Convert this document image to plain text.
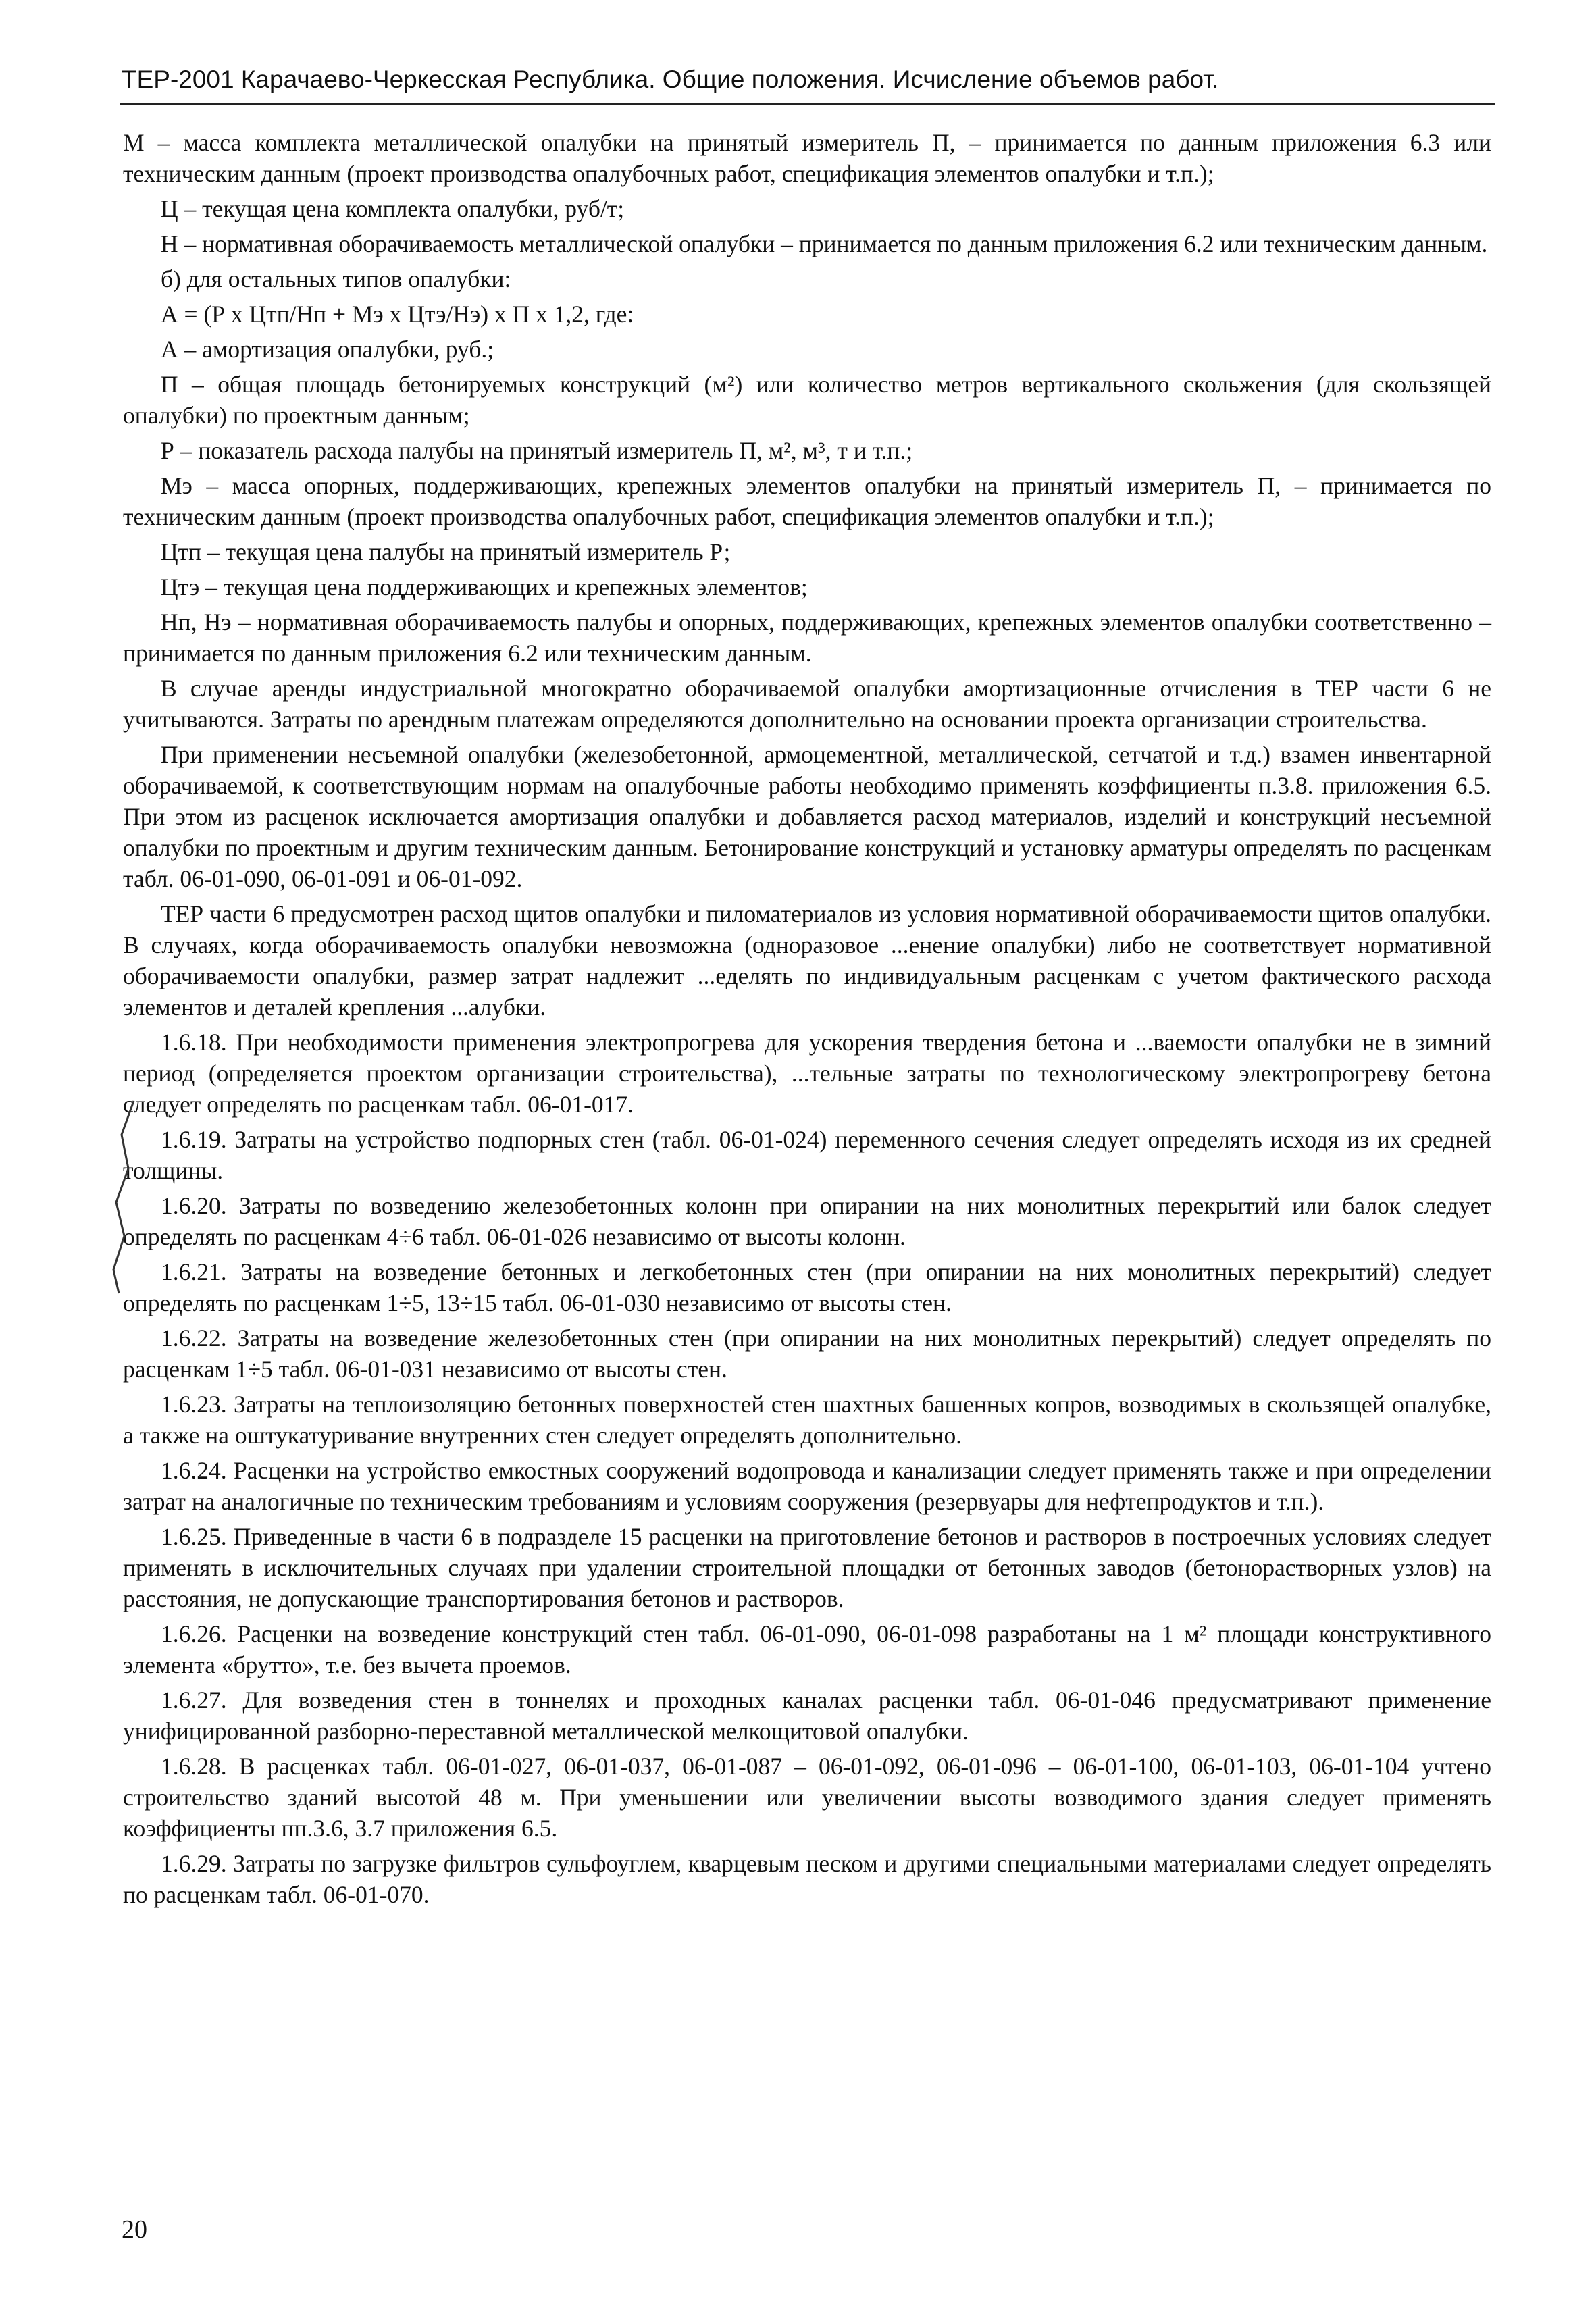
ТЕР-2001 Карачаево-Черкесская Республика. Общие положения. Исчисление объемов работ.

М – масса комплекта металлической опалубки на принятый измеритель П, – принимается по данным приложения 6.3 или техническим данным (проект производства опалубочных работ, спецификация элементов опалубки и т.п.);

Ц – текущая цена комплекта опалубки, руб/т;

Н – нормативная оборачиваемость металлической опалубки – принимается по данным приложения 6.2 или техническим данным.

б) для остальных типов опалубки:

А = (Р х Цтп/Нп + Мэ х Цтэ/Нэ) х П х 1,2, где:

А – амортизация опалубки, руб.;

П – общая площадь бетонируемых конструкций (м²) или количество метров вертикального скольжения (для скользящей опалубки) по проектным данным;

Р – показатель расхода палубы на принятый измеритель П, м², м³, т и т.п.;

Мэ – масса опорных, поддерживающих, крепежных элементов опалубки на принятый измеритель П, – принимается по техническим данным (проект производства опалубочных работ, спецификация элементов опалубки и т.п.);

Цтп – текущая цена палубы на принятый измеритель Р;

Цтэ – текущая цена поддерживающих и крепежных элементов;

Нп, Нэ – нормативная оборачиваемость палубы и опорных, поддерживающих, крепежных элементов опалубки соответственно – принимается по данным приложения 6.2 или техническим данным.

В случае аренды индустриальной многократно оборачиваемой опалубки амортизационные отчисления в ТЕР части 6 не учитываются. Затраты по арендным платежам определяются дополнительно на основании проекта организации строительства.

При применении несъемной опалубки (железобетонной, армоцементной, металлической, сетчатой и т.д.) взамен инвентарной оборачиваемой, к соответствующим нормам на опалубочные работы необходимо применять коэффициенты п.3.8. приложения 6.5. При этом из расценок исключается амортизация опалубки и добавляется расход материалов, изделий и конструкций несъемной опалубки по проектным и другим техническим данным. Бетонирование конструкций и установку арматуры определять по расценкам табл. 06-01-090, 06-01-091 и 06-01-092.

ТЕР части 6 предусмотрен расход щитов опалубки и пиломатериалов из условия нормативной оборачиваемости щитов опалубки. В случаях, когда оборачиваемость опалубки невозможна (одноразовое ...енение опалубки) либо не соответствует нормативной оборачиваемости опалубки, размер затрат надлежит ...еделять по индивидуальным расценкам с учетом фактического расхода элементов и деталей крепления ...алубки.

1.6.18. При необходимости применения электропрогрева для ускорения твердения бетона и ...ваемости опалубки не в зимний период (определяется проектом организации строительства), ...тельные затраты по технологическому электропрогреву бетона следует определять по расценкам табл. 06-01-017.

1.6.19. Затраты на устройство подпорных стен (табл. 06-01-024) переменного сечения следует определять исходя из их средней толщины.

1.6.20. Затраты по возведению железобетонных колонн при опирании на них монолитных перекрытий или балок следует определять по расценкам 4÷6 табл. 06-01-026 независимо от высоты колонн.

1.6.21. Затраты на возведение бетонных и легкобетонных стен (при опирании на них монолитных перекрытий) следует определять по расценкам 1÷5, 13÷15 табл. 06-01-030 независимо от высоты стен.

1.6.22. Затраты на возведение железобетонных стен (при опирании на них монолитных перекрытий) следует определять по расценкам 1÷5 табл. 06-01-031 независимо от высоты стен.

1.6.23. Затраты на теплоизоляцию бетонных поверхностей стен шахтных башенных копров, возводимых в скользящей опалубке, а также на оштукатуривание внутренних стен следует определять дополнительно.

1.6.24. Расценки на устройство емкостных сооружений водопровода и канализации следует применять также и при определении затрат на аналогичные по техническим требованиям и условиям сооружения (резервуары для нефтепродуктов и т.п.).

1.6.25. Приведенные в части 6 в подразделе 15 расценки на приготовление бетонов и растворов в построечных условиях следует применять в исключительных случаях при удалении строительной площадки от бетонных заводов (бетонорастворных узлов) на расстояния, не допускающие транспортирования бетонов и растворов.

1.6.26. Расценки на возведение конструкций стен табл. 06-01-090, 06-01-098 разработаны на 1 м² площади конструктивного элемента «брутто», т.е. без вычета проемов.

1.6.27. Для возведения стен в тоннелях и проходных каналах расценки табл. 06-01-046 предусматривают применение унифицированной разборно-переставной металлической мелкощитовой опалубки.

1.6.28. В расценках табл. 06-01-027, 06-01-037, 06-01-087 – 06-01-092, 06-01-096 – 06-01-100, 06-01-103, 06-01-104 учтено строительство зданий высотой 48 м. При уменьшении или увеличении высоты возводимого здания следует применять коэффициенты пп.3.6, 3.7 приложения 6.5.

1.6.29. Затраты по загрузке фильтров сульфоуглем, кварцевым песком и другими специальными материалами следует определять по расценкам табл. 06-01-070.

20
